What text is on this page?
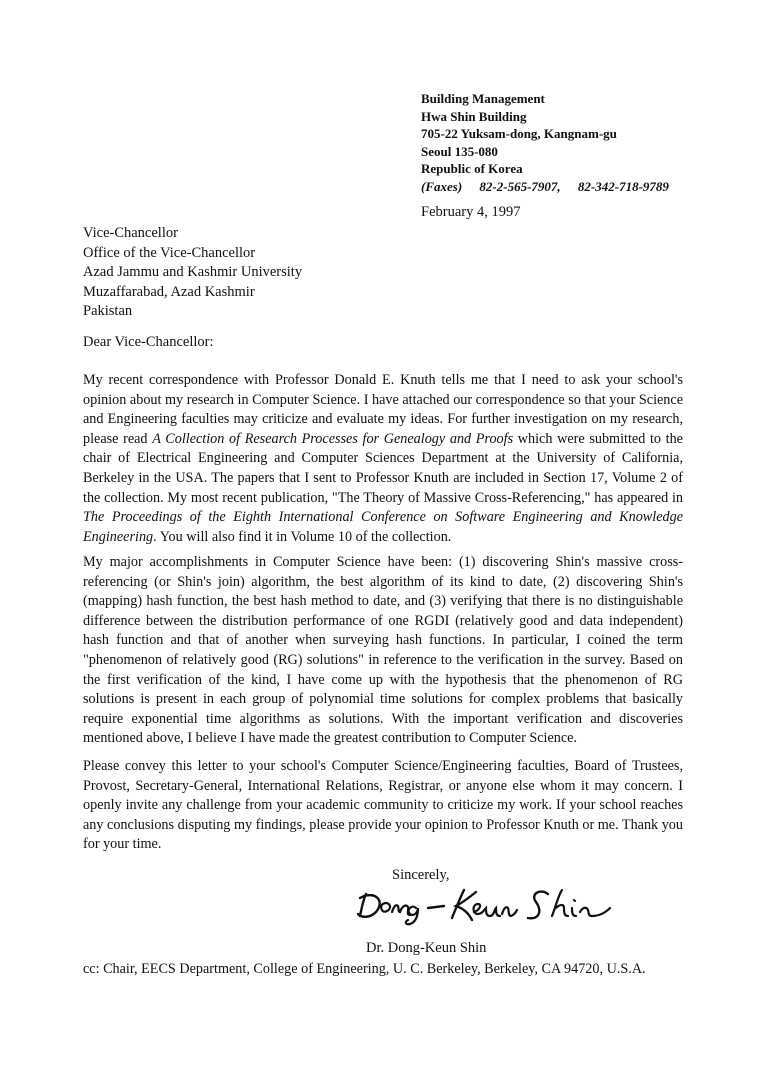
Building Management
Hwa Shin Building
705-22 Yuksam-dong, Kangnam-gu
Seoul 135-080
Republic of Korea
(Faxes) 82-2-565-7907, 82-342-718-9789
February 4, 1997
Vice-Chancellor
Office of the Vice-Chancellor
Azad Jammu and Kashmir University
Muzaffarabad, Azad Kashmir
Pakistan
Dear Vice-Chancellor:
My recent correspondence with Professor Donald E. Knuth tells me that I need to ask your school's opinion about my research in Computer Science. I have attached our correspondence so that your Science and Engineering faculties may criticize and evaluate my ideas. For further investigation on my research, please read A Collection of Research Processes for Genealogy and Proofs which were submitted to the chair of Electrical Engineering and Computer Sciences Department at the University of California, Berkeley in the USA. The papers that I sent to Professor Knuth are included in Section 17, Volume 2 of the collection. My most recent publication, "The Theory of Massive Cross-Referencing," has appeared in The Proceedings of the Eighth International Conference on Software Engineering and Knowledge Engineering. You will also find it in Volume 10 of the collection.
My major accomplishments in Computer Science have been: (1) discovering Shin's massive cross-referencing (or Shin's join) algorithm, the best algorithm of its kind to date, (2) discovering Shin's (mapping) hash function, the best hash method to date, and (3) verifying that there is no distinguishable difference between the distribution performance of one RGDI (relatively good and data independent) hash function and that of another when surveying hash functions. In particular, I coined the term "phenomenon of relatively good (RG) solutions" in reference to the verification in the survey. Based on the first verification of the kind, I have come up with the hypothesis that the phenomenon of RG solutions is present in each group of polynomial time solutions for complex problems that basically require exponential time algorithms as solutions. With the important verification and discoveries mentioned above, I believe I have made the greatest contribution to Computer Science.
Please convey this letter to your school's Computer Science/Engineering faculties, Board of Trustees, Provost, Secretary-General, International Relations, Registrar, or anyone else whom it may concern. I openly invite any challenge from your academic community to criticize my work. If your school reaches any conclusions disputing my findings, please provide your opinion to Professor Knuth or me. Thank you for your time.
Sincerely,
Dr. Dong-Keun Shin
cc: Chair, EECS Department, College of Engineering, U. C. Berkeley, Berkeley, CA 94720, U.S.A.
